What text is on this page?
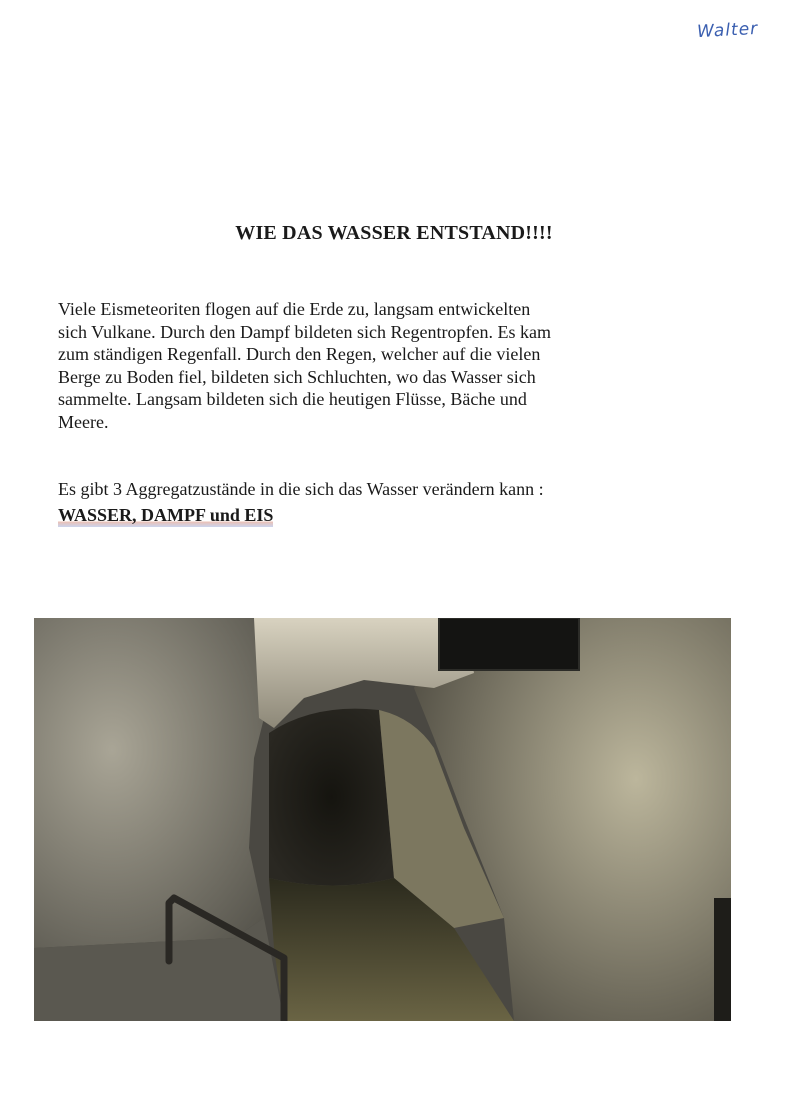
Walter
WIE DAS WASSER ENTSTAND!!!!
Viele Eismeteoriten flogen auf die Erde zu, langsam entwickelten
sich Vulkane. Durch den Dampf bildeten sich Regentropfen. Es kam
zum ständigen Regenfall. Durch den Regen, welcher auf die vielen
Berge zu Boden fiel, bildeten sich Schluchten, wo das Wasser sich
sammelte. Langsam bildeten sich die heutigen Flüsse, Bäche und
Meere.
Es gibt 3 Aggregatzustände in die sich das Wasser verändern kann :
WASSER, DAMPF und EIS
